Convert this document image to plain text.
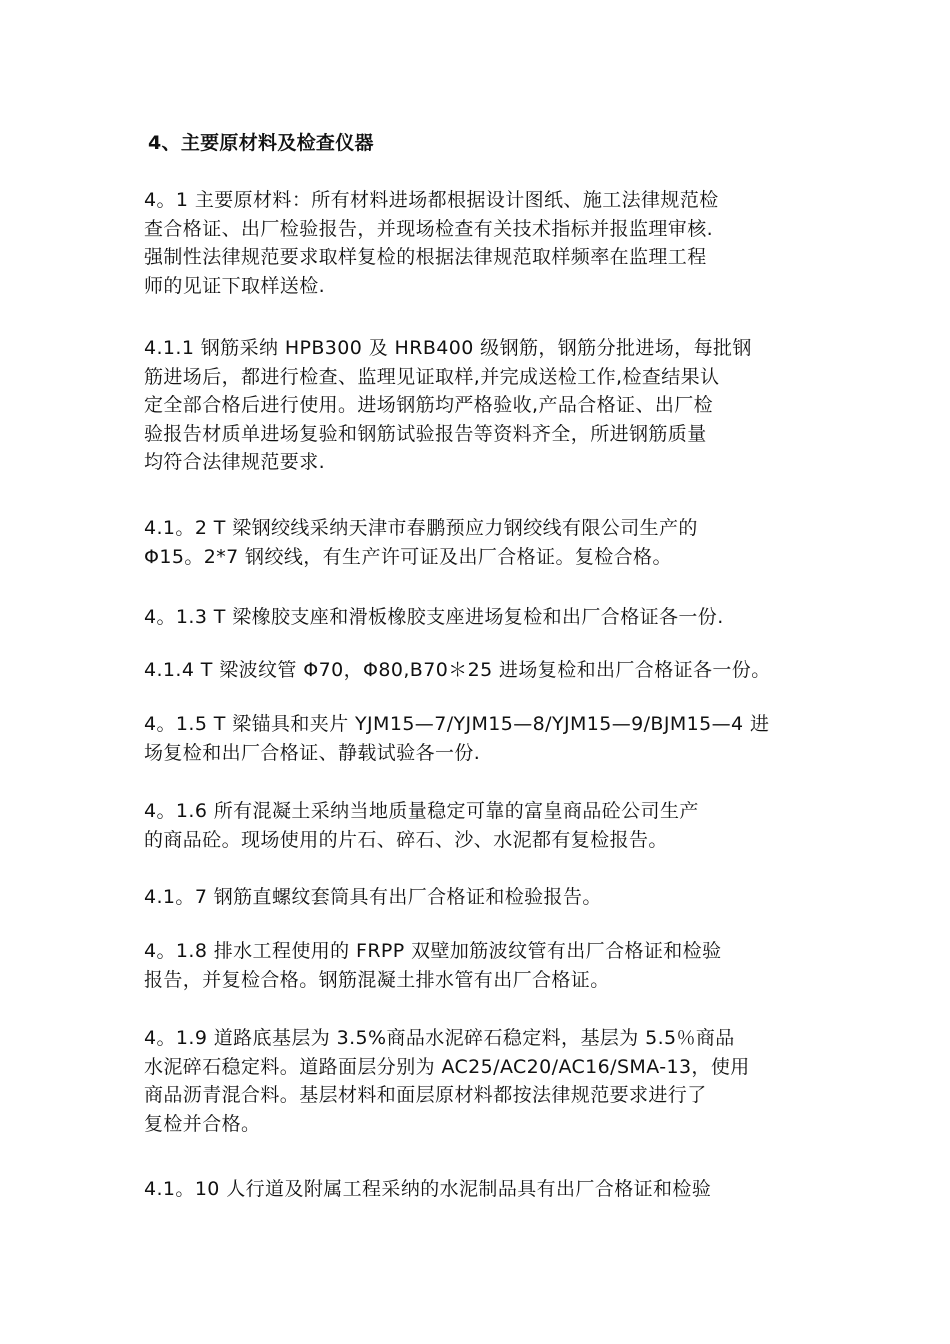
4、主要原材料及检查仪器
4。1 主要原材料：所有材料进场都根据设计图纸、施工法律规范检
查合格证、出厂检验报告，并现场检查有关技术指标并报监理审核.
强制性法律规范要求取样复检的根据法律规范取样频率在监理工程
师的见证下取样送检.
4.1.1 钢筋采纳 HPB300 及 HRB400 级钢筋，钢筋分批进场，每批钢
筋进场后，都进行检查、监理见证取样,并完成送检工作,检查结果认
定全部合格后进行使用。进场钢筋均严格验收,产品合格证、出厂检
验报告材质单进场复验和钢筋试验报告等资料齐全，所进钢筋质量
均符合法律规范要求.
4.1。2 T 梁钢绞线采纳天津市春鹏预应力钢绞线有限公司生产的
Φ15。2*7 钢绞线，有生产许可证及出厂合格证。复检合格。
4。1.3 T 梁橡胶支座和滑板橡胶支座进场复检和出厂合格证各一份.
4.1.4 T 梁波纹管 Φ70，Φ80,B70＊25 进场复检和出厂合格证各一份。
4。1.5 T 梁锚具和夹片 YJM15—7/YJM15—8/YJM15—9/BJM15—4 进
场复检和出厂合格证、静载试验各一份.
4。1.6 所有混凝土采纳当地质量稳定可靠的富皇商品砼公司生产
的商品砼。现场使用的片石、碎石、沙、水泥都有复检报告。
4.1。7 钢筋直螺纹套筒具有出厂合格证和检验报告。
4。1.8 排水工程使用的 FRPP 双壁加筋波纹管有出厂合格证和检验
报告，并复检合格。钢筋混凝土排水管有出厂合格证。
4。1.9 道路底基层为 3.5%商品水泥碎石稳定料，基层为 5.5％商品
水泥碎石稳定料。道路面层分别为 AC25/AC20/AC16/SMA-13，使用
商品沥青混合料。基层材料和面层原材料都按法律规范要求进行了
复检并合格。
4.1。10 人行道及附属工程采纳的水泥制品具有出厂合格证和检验
